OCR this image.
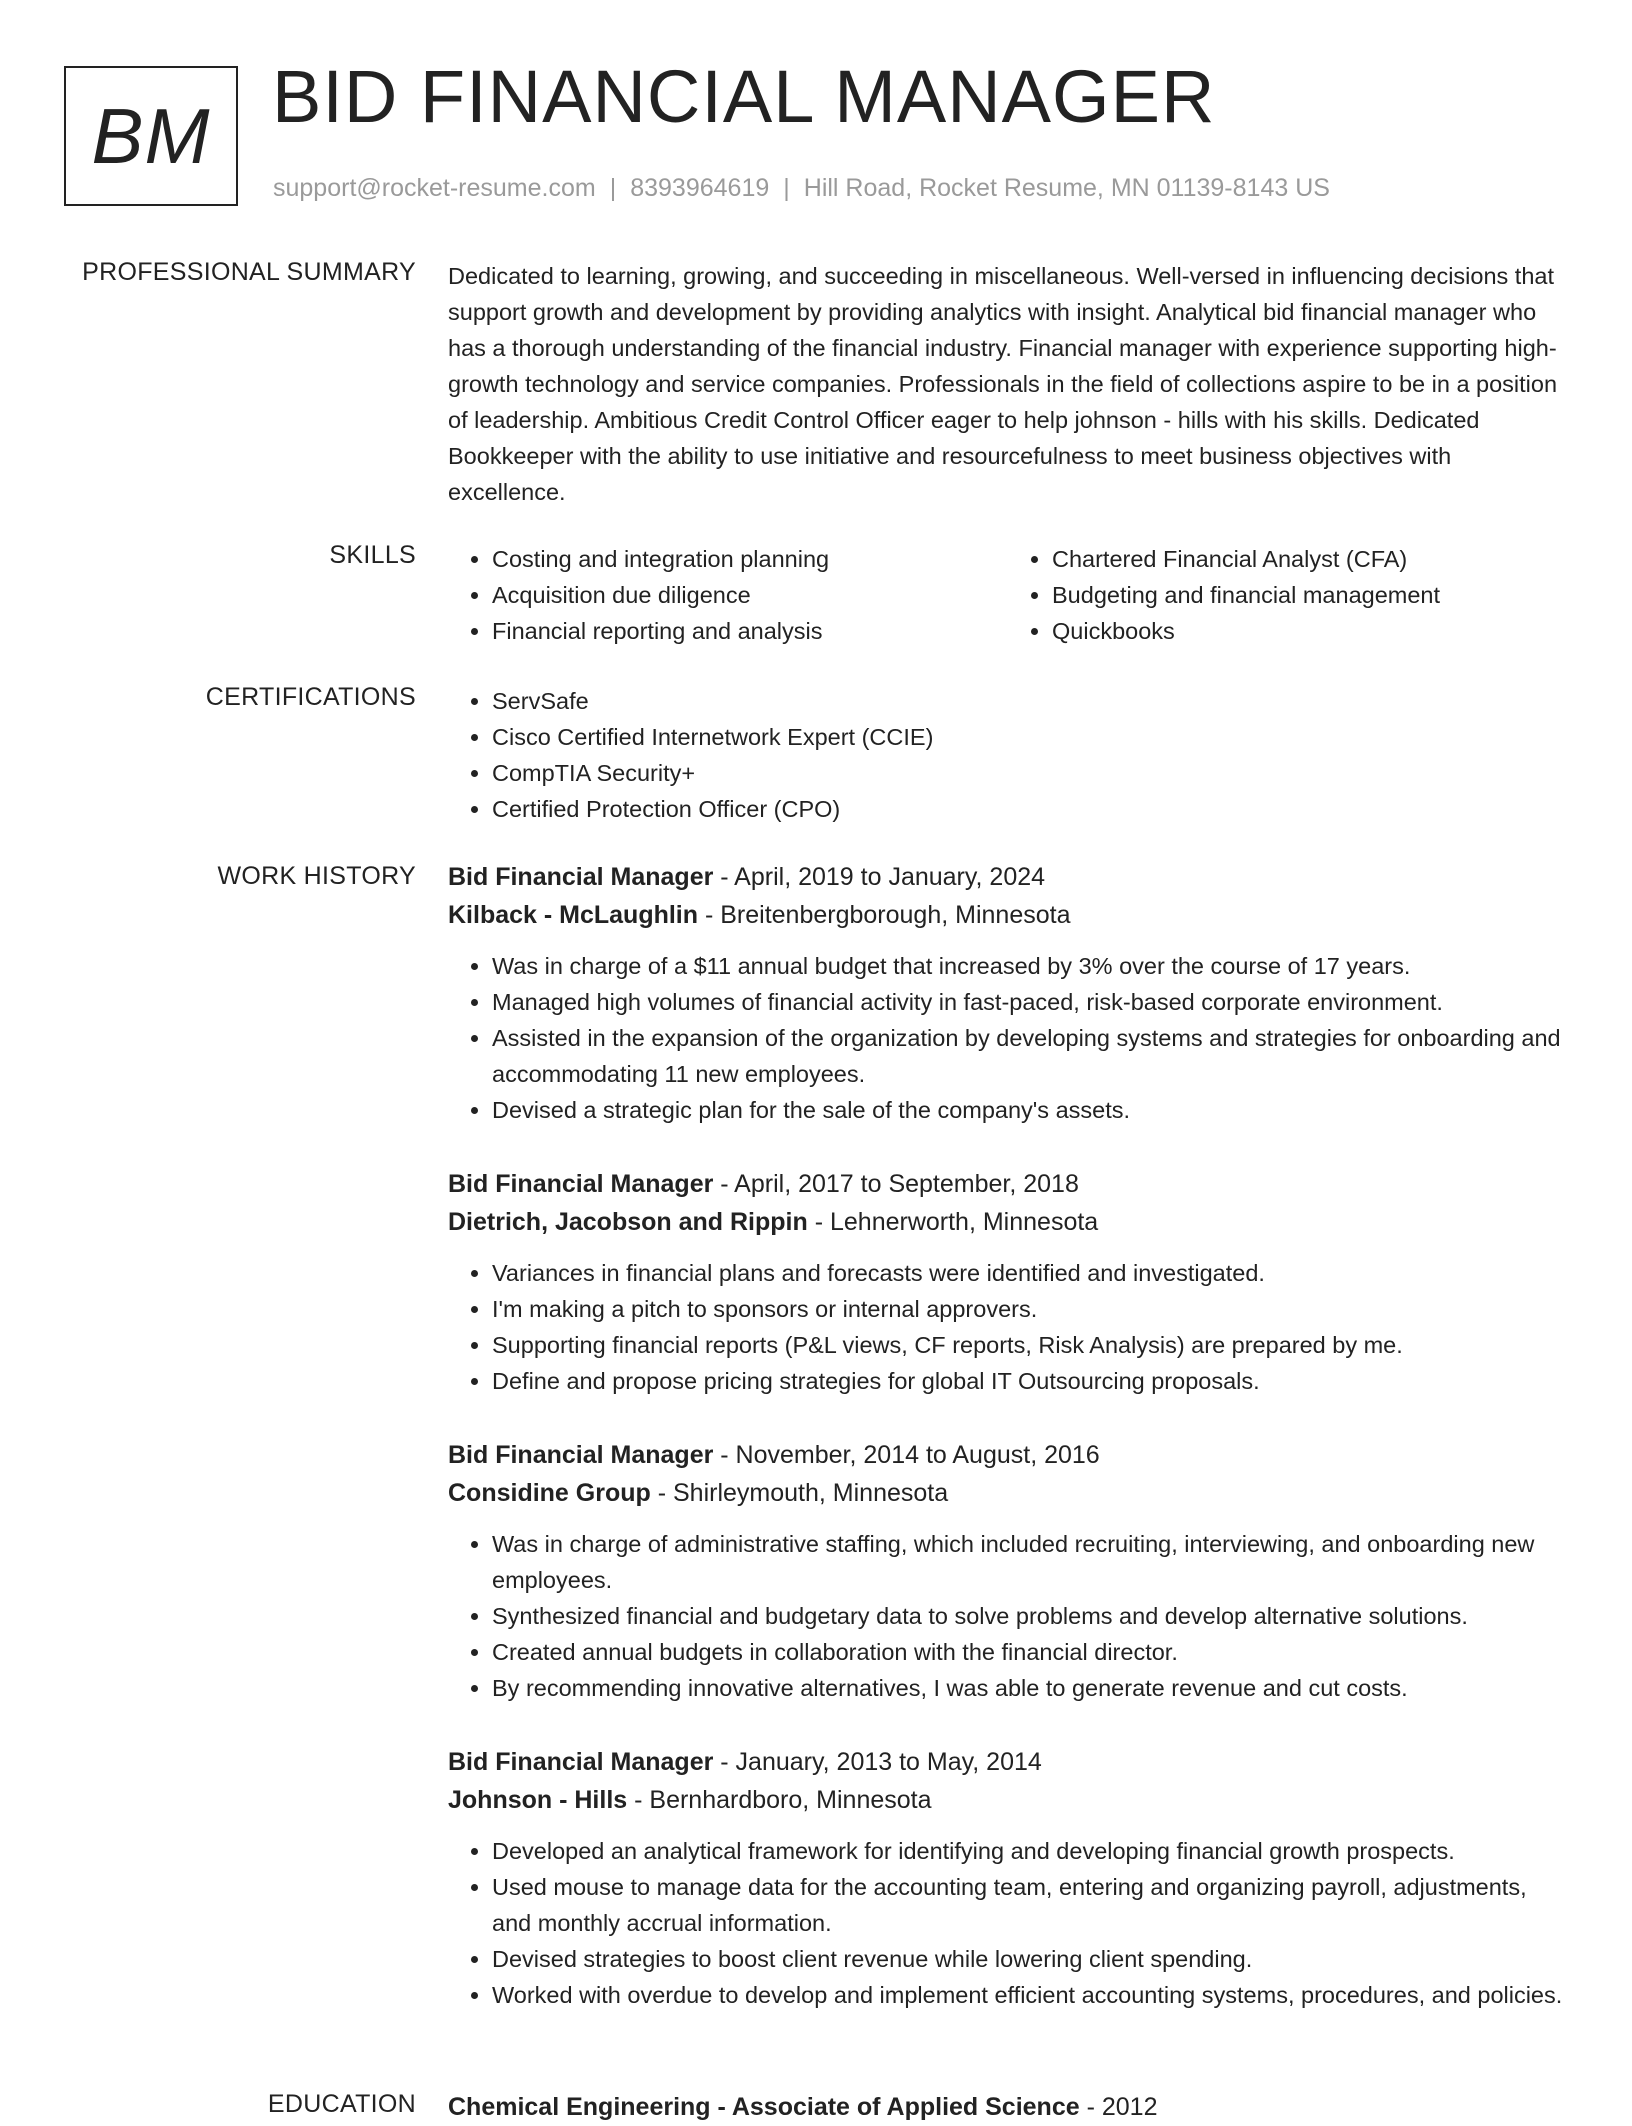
BM BID FINANCIAL MANAGER
support@rocket-resume.com | 8393964619 | Hill Road, Rocket Resume, MN 01139-8143 US
PROFESSIONAL SUMMARY Dedicated to learning, growing, and succeeding in miscellaneous. Well-versed in influencing decisions that support growth and development by providing analytics with insight. Analytical bid financial manager who has a thorough understanding of the financial industry. Financial manager with experience supporting high-growth technology and service companies. Professionals in the field of collections aspire to be in a position of leadership. Ambitious Credit Control Officer eager to help johnson - hills with his skills. Dedicated Bookkeeper with the ability to use initiative and resourcefulness to meet business objectives with excellence.

SKILLS	• Costing and integration planning
• Acquisition due diligence
• Financial reporting and analysis
• Chartered Financial Analyst (CFA)
• Budgeting and financial management
• Quickbooks
CERTIFICATIONS	• ServSafe
• Cisco Certified Internetwork Expert (CCIE)
• CompTIA Security+
• Certified Protection Officer (CPO)
WORK HISTORY Bid Financial Manager - April, 2019 to January, 2024
Kilback - McLaughlin - Breitenbergborough, Minnesota
• Was in charge of a $11 annual budget that increased by 3% over the course of 17 years.
• Managed high volumes of financial activity in fast-paced, risk-based corporate environment.
• Assisted in the expansion of the organization by developing systems and strategies for onboarding and accommodating 11 new employees.
• Devised a strategic plan for the sale of the company's assets.
Bid Financial Manager - April, 2017 to September, 2018
Dietrich, Jacobson and Rippin - Lehnerworth, Minnesota
• Variances in financial plans and forecasts were identified and investigated.
• I'm making a pitch to sponsors or internal approvers.
• Supporting financial reports (P&L views, CF reports, Risk Analysis) are prepared by me.
• Define and propose pricing strategies for global IT Outsourcing proposals.
Bid Financial Manager - November, 2014 to August, 2016
Considine Group - Shirleymouth, Minnesota
• Was in charge of administrative staffing, which included recruiting, interviewing, and onboarding new employees.
• Synthesized financial and budgetary data to solve problems and develop alternative solutions.
• Created annual budgets in collaboration with the financial director.
• By recommending innovative alternatives, I was able to generate revenue and cut costs.
Bid Financial Manager - January, 2013 to May, 2014
Johnson - Hills - Bernhardboro, Minnesota
• Developed an analytical framework for identifying and developing financial growth prospects.
• Used mouse to manage data for the accounting team, entering and organizing payroll, adjustments, and monthly accrual information.
• Devised strategies to boost client revenue while lowering client spending.
• Worked with overdue to develop and implement efficient accounting systems, procedures, and policies.
EDUCATION Chemical Engineering - Associate of Applied Science - 2012
